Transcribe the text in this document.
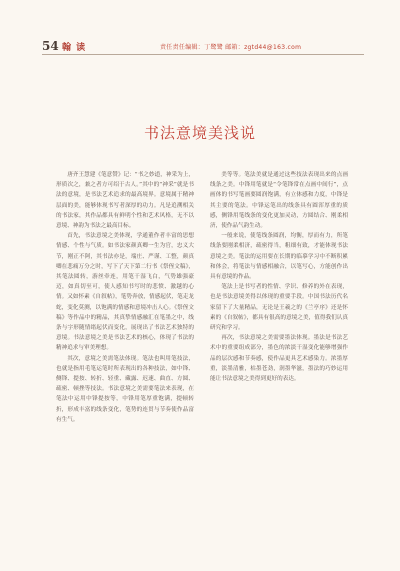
54 翰 读	责任责任编辑：丁鹭鹭 邮箱：zgtd44@163.com
书法意境美浅说

唐齐王慧建《笔意赞》记：“书之妙道，神采为上，形质次之，兼之者方可绍于古人。”其中的“神采”就是书法的意境，是书法艺术追求的最高境界。意境属于精神层面的美，能够体现书写者深厚的功力。凡是追溯相关的书法家，其作品都具有鲜明个性和艺术风格，无不以意境、神韵为书法之最高目标。

首先，书法意境之美体现，学通董作者丰富的思想情感、个性与气质。如书法家颜真卿一生为官，忠义大节，刚正不阿，其书法亦是，端庄、严谨、工整，颜真卿在悲痛万分之时，写下了天下第二行书《祭侄文稿》，其笔法圆转，游丝牵连，用笔干湿飞白，气势雄强豪迈，如真切至可，使人感知书写时的悲愤、激越的心情。又如怀素《自叙帖》，笔势奔放，情感起伏，笔走龙蛇，变化莫测，以饱满的情感和意境冲击人心。《祭侄文稿》等作品中的精品，其真挚情感融汇在笔墨之中，线条与字形随情绪起伏而变化，展现出了书法艺术独特的意境。书法意境之美是书法艺术的核心，体现了书法的精神追求与审美理想。

其次，意境之美需笔法体现。笔法也叫用笔技法，也就是指用毛笔运笔时所表现出的各种技法，如中锋、侧锋、提按、转折、轻重、藏露、迟速、曲直、方圆、疏密、顿挫等技法。书法意境之美需要笔法来表现，在笔法中运用中锋提按等，中锋用笔厚重饱满，提顿转折，形成丰富的线条变化，笔势的连贯与节奏使作品富有生气。

美等等。笔法美就是通过这些技法表现出来的点画线条之美。中锋用笔就是“令笔锋常在点画中间行”，点画体的书写笔画要圆润饱满，有立体感和力度，中锋是其主要的笔法。中锋运笔出的线条具有圆浑厚重的质感，侧锋用笔线条的变化更加灵动，方圆结合、刚柔相济，使作品气韵生动。

一般来说，使笔线条圆润，均衡，厚而有力，所笔线条要刚柔相济，疏密得当，粗细有致，才能体现书法意境之美。笔法的运用要在长期的临摹学习中不断积累和体会，将笔法与情感相融合，以笔写心，方能创作出具有意境的作品。

笔法上是书写者的性情、学识、修养的外在表现，也是书法意境美得以体现的重要手段。中国书法历代名家留下了大量精品，无论是王羲之的《兰亭序》还是怀素的《自叙帖》，都具有很高的意境之美，值得我们认真研究和学习。

再次，书法意境之美需要墨法体现。墨法是书法艺术中的重要组成部分，墨色的浓淡干湿变化能够增强作品的层次感和节奏感，使作品更具艺术感染力。浓墨厚重，淡墨清雅，枯墨苍劲，润墨华滋，墨法的巧妙运用能让书法意境之美得到更好的表达。
